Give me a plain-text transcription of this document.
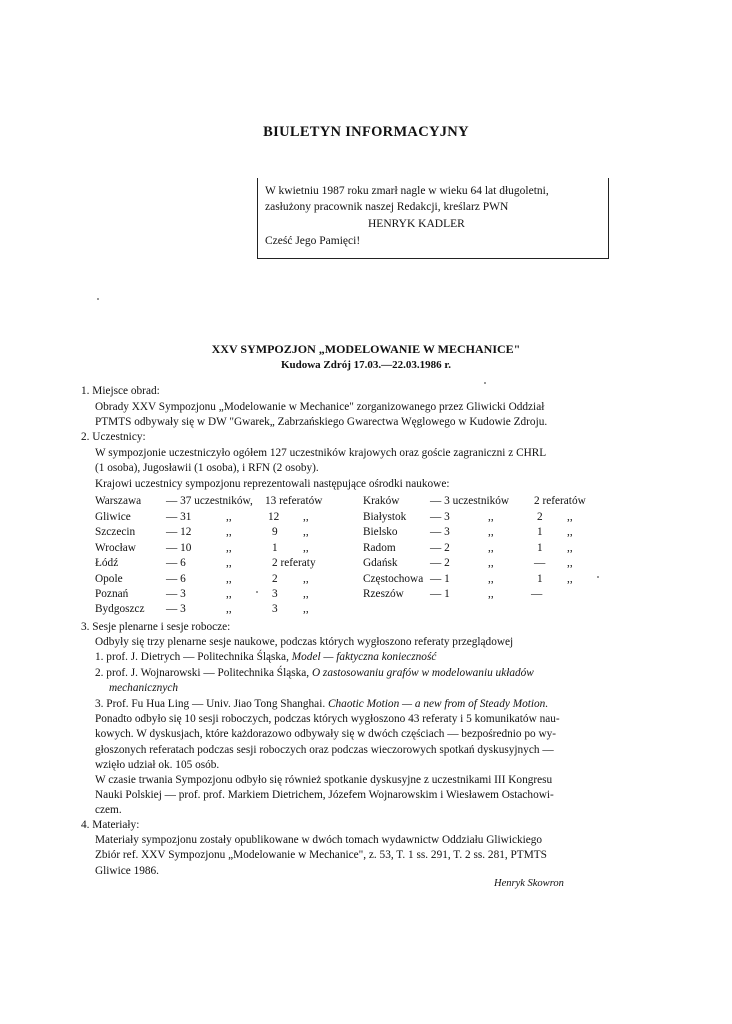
BIULETYN INFORMACYJNY
W kwietniu 1987 roku zmarł nagle w wieku 64 lat długoletni,
zasłużony pracownik naszej Redakcji, kreślarz PWN
HENRYK KADLER
Cześć Jego Pamięci!
XXV SYMPOZJON „MODELOWANIE W MECHANICE"
Kudowa Zdrój 17.03.—22.03.1986 r.
1. Miejsce obrad:
Obrady XXV Sympozjonu „Modelowanie w Mechanice" zorganizowanego przez Gliwicki Oddział
PTMTS odbywały się w DW "Gwarek„ Zabrzańskiego Gwarectwa Węglowego w Kudowie Zdroju.
2. Uczestnicy:
W sympozjonie uczestniczyło ogółem 127 uczestników krajowych oraz goście zagraniczni z CHRL
(1 osoba), Jugosławii (1 osoba), i RFN (2 osoby).
Krajowi uczestnicy sympozjonu reprezentowali następujące ośrodki naukowe:
Warszawa — 37 uczestników, 13 referatów
Gliwice	— 31	,,	12 ,,
Szczecin	— 12	,,	9 ,,
Wrocław	— 10	,,	1 ,,
Łódź	— 6	,,	2 referaty
Opole	— 6	,,	2 ,,
Poznań	— 3	,,	3 ,,
Bydgoszcz — 3	,,	3 ,,
Kraków	— 3 uczestników 2 referatów
Białystok — 3	,,	2 ,,
Bielsko	— 3	,,	1 ,,
Radom	— 2	,,	1 ,,
Gdańsk	— 2	,,	— ,,
Częstochowa — 1	,,	1 ,,
Rzeszów — 1	,,	—
3. Sesje plenarne i sesje robocze:
Odbyły się trzy plenarne sesje naukowe, podczas których wygłoszono referaty przeglądowej
1. prof. J. Dietrych — Politechnika Śląska, Model — faktyczna konieczność
2. prof. J. Wojnarowski — Politechnika Śląska, O zastosowaniu grafów w modelowaniu układów
mechanicznych
3. Prof. Fu Hua Ling — Univ. Jiao Tong Shanghai. Chaotic Motion — a new from of Steady Motion.
Ponadto odbyło się 10 sesji roboczych, podczas których wygłoszono 43 referaty i 5 komunikatów nau-
kowych. W dyskusjach, które każdorazowo odbywały się w dwóch częściach — bezpośrednio po wy-
głoszonych referatach podczas sesji roboczych oraz podczas wieczorowych spotkań dyskusyjnych —
wzięło udział ok. 105 osób.
W czasie trwania Sympozjonu odbyło się również spotkanie dyskusyjne z uczestnikami III Kongresu
Nauki Polskiej — prof. prof. Markiem Dietrichem, Józefem Wojnarowskim i Wiesławem Ostachowi-
czem.
4. Materiały:
Materiały sympozjonu zostały opublikowane w dwóch tomach wydawnictw Oddziału Gliwickiego
Zbiór ref. XXV Sympozjonu „Modelowanie w Mechanice", z. 53, T. 1 ss. 291, T. 2 ss. 281, PTMTS
Gliwice 1986.
Henryk Skowron
